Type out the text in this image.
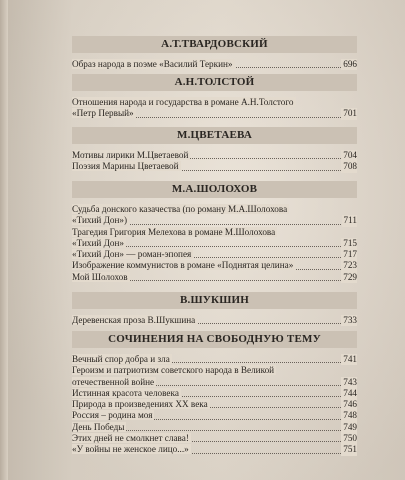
А.Т.ТВАРДОВСКИЙ
Образ народа в поэме «Василий Теркин»	696
А.Н.ТОЛСТОЙ
Отношения народа и государства в романе А.Н.Толстого
«Петр Первый»	701
М.ЦВЕТАЕВА
Мотивы лирики М.Цветаевой	704
Поэзия Марины Цветаевой	708
М.А.ШОЛОХОВ
Судьба донского казачества (по роману М.А.Шолохова
«Тихий Дон»)	711
Трагедия Григория Мелехова в романе М.Шолохова
«Тихий Дон»	715
«Тихий Дон» — роман-эпопея	717
Изображение коммунистов в романе «Поднятая целина»	723
Мой Шолохов	729
В.ШУКШИН
Деревенская проза В.Шукшина	733
СОЧИНЕНИЯ НА СВОБОДНУЮ ТЕМУ
Вечный спор добра и зла	741
Героизм и патриотизм советского народа в Великой
отечественной войне	743
Истинная красота человека	744
Природа в произведениях XX века	746
Россия – родина моя	748
День Победы	749
Этих дней не смолкнет слава!	750
«У войны не женское лицо...»	751
